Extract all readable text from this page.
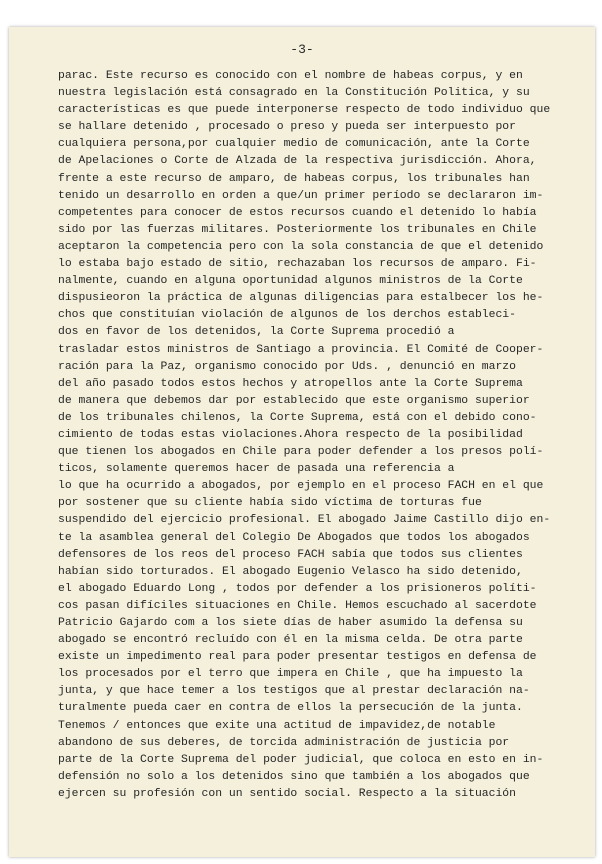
-3-
parac. Este recurso es conocido con el nombre de habeas corpus, y en
nuestra legislación está consagrado en la Constitución Politica, y su
características es que puede interponerse respecto de todo individuo que
se hallare detenido , procesado o preso y pueda ser interpuesto por
cualquiera persona,por cualquier medio de comunicación, ante la Corte
de Apelaciones o Corte de Alzada de la respectiva jurisdicción. Ahora,
frente a este recurso de amparo, de habeas corpus, los tribunales han
tenido un desarrollo en orden a que/un primer período se declararon im-
competentes para conocer de estos recursos cuando el detenido lo había
sido por las fuerzas militares. Posteriormente los tribunales en Chile
aceptaron la competencia pero con la sola constancia de que el detenido
lo estaba bajo estado de sitio, rechazaban los recursos de amparo. Fi-
nalmente, cuando en alguna oportunidad algunos ministros de la Corte
dispusieoron la práctica de algunas diligencias para estalbecer los he-
chos que constituían violación de algunos de los derchos estableci-
dos en favor de los detenidos, la Corte Suprema procedió a
trasladar estos ministros de Santiago a provincia. El Comité de Cooper-
ración para la Paz, organismo conocido por Uds. , denunció en marzo
del año pasado todos estos hechos y atropellos ante la Corte Suprema
de manera que debemos dar por establecido que este organismo superior
de los tribunales chilenos, la Corte Suprema, está con el debido cono-
cimiento de todas estas violaciones.Ahora respecto de la posibilidad
que tienen los abogados en Chile para poder defender a los presos polí-
ticos, solamente queremos hacer de pasada una referencia a
lo que ha ocurrido a abogados, por ejemplo en el proceso FACH en el que
por sostener que su cliente había sido víctima de torturas fue
suspendido del ejercicio profesional. El abogado Jaime Castillo dijo en-
te la asamblea general del Colegio De Abogados que todos los abogados
defensores de los reos del proceso FACH sabía que todos sus clientes
habían sido torturados. El abogado Eugenio Velasco ha sido detenido,
el abogado Eduardo Long , todos por defender a los prisioneros políti-
cos pasan difíciles situaciones en Chile. Hemos escuchado al sacerdote
Patricio Gajardo com a los siete días de haber asumido la defensa su
abogado se encontró recluído con él en la misma celda. De otra parte
existe un impedimento real para poder presentar testigos en defensa de
los procesados por el terro que impera en Chile , que ha impuesto la
junta, y que hace temer a los testigos que al prestar declaración na-
turalmente pueda caer en contra de ellos la persecución de la junta.
Tenemos / entonces que exite una actitud de impavidez,de notable
abandono de sus deberes, de torcida administración de justicia por
parte de la Corte Suprema del poder judicial, que coloca en esto en in-
defensión no solo a los detenidos sino que también a los abogados que
ejercen su profesión con un sentido social. Respecto a la situación
